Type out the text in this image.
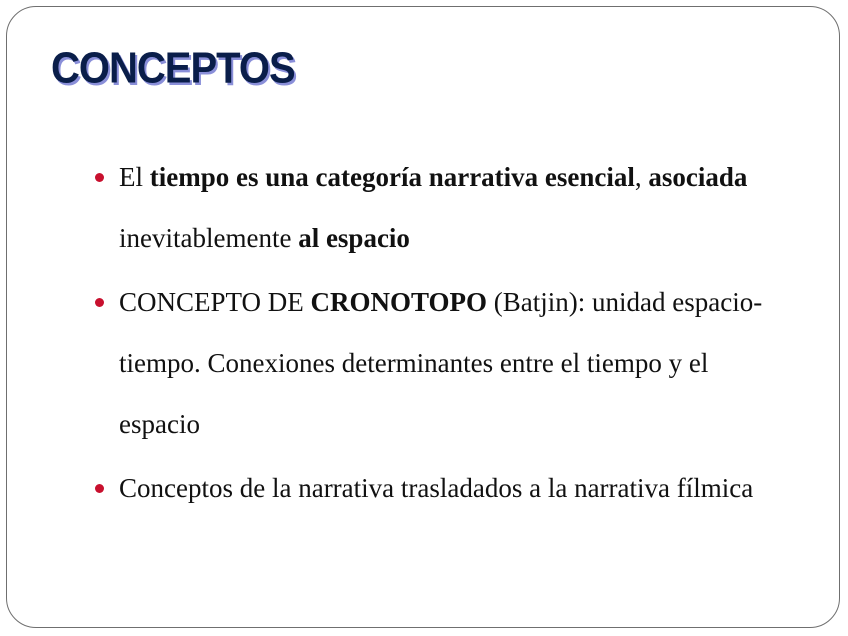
CONCEPTOS
El tiempo es una categoría narrativa esencial, asociada inevitablemente al espacio
CONCEPTO DE CRONOTOPO (Batjin): unidad espacio-tiempo. Conexiones determinantes entre el tiempo y el espacio
Conceptos de la narrativa trasladados a la narrativa fílmica
